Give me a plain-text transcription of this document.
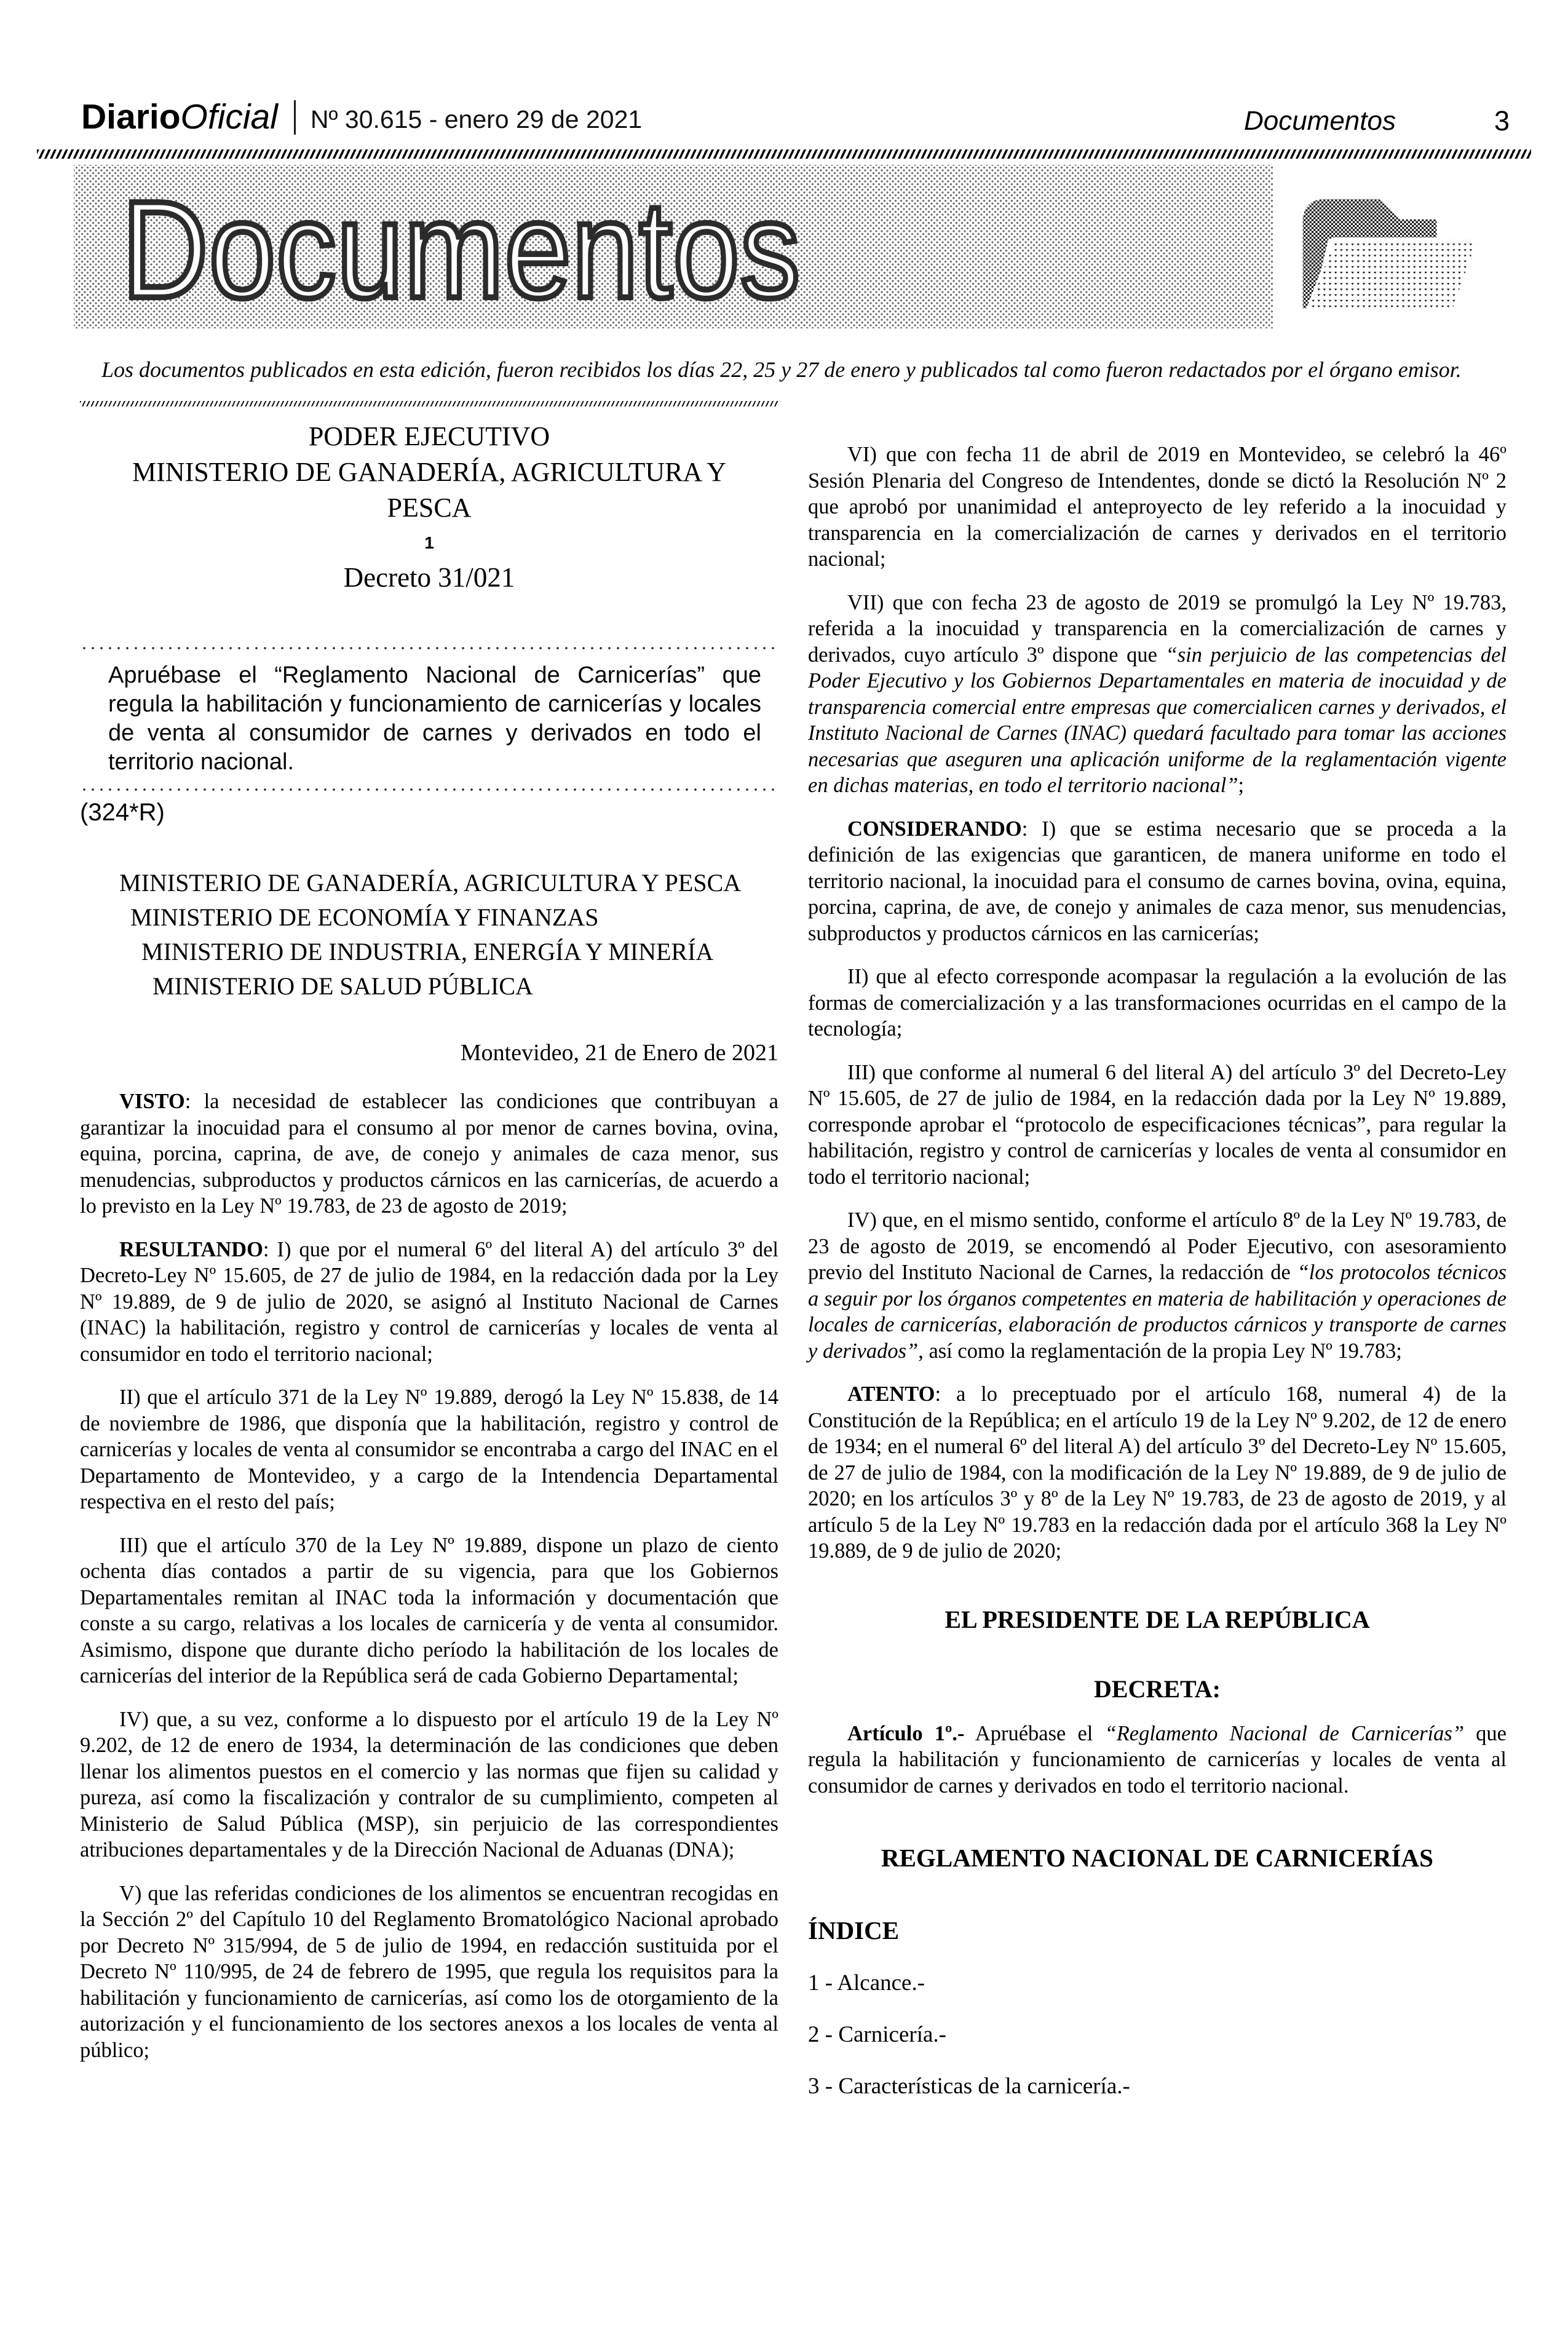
Diario Oficial Nº 30.615 - enero 29 de 2021	Documentos	3
Documentos
Los documentos publicados en esta edición, fueron recibidos los días 22, 25 y 27 de enero y publicados tal como fueron redactados por el órgano emisor.
PODER EJECUTIVO
MINISTERIO DE GANADERÍA, AGRICULTURA Y PESCA
1
Decreto 31/021

Apruébase el “Reglamento Nacional de Carnicerías” que regula la habilitación y funcionamiento de carnicerías y locales de venta al consumidor de carnes y derivados en todo el territorio nacional.

(324*R)
MINISTERIO DE GANADERÍA, AGRICULTURA Y PESCA
MINISTERIO DE ECONOMÍA Y FINANZAS
MINISTERIO DE INDUSTRIA, ENERGÍA Y MINERÍA
MINISTERIO DE SALUD PÚBLICA
Montevideo, 21 de Enero de 2021

VISTO: la necesidad de establecer las condiciones que contribuyan a garantizar la inocuidad para el consumo al por menor de carnes bovina, ovina, equina, porcina, caprina, de ave, de conejo y animales de caza menor, sus menudencias, subproductos y productos cárnicos en las carnicerías, de acuerdo a lo previsto en la Ley Nº 19.783, de 23 de agosto de 2019;

RESULTANDO: I) que por el numeral 6º del literal A) del artículo 3º del Decreto-Ley Nº 15.605, de 27 de julio de 1984, en la redacción dada por la Ley Nº 19.889, de 9 de julio de 2020, se asignó al Instituto Nacional de Carnes (INAC) la habilitación, registro y control de carnicerías y locales de venta al consumidor en todo el territorio nacional;

II) que el artículo 371 de la Ley Nº 19.889, derogó la Ley Nº 15.838, de 14 de noviembre de 1986, que disponía que la habilitación, registro y control de carnicerías y locales de venta al consumidor se encontraba a cargo del INAC en el Departamento de Montevideo, y a cargo de la Intendencia Departamental respectiva en el resto del país;

III) que el artículo 370 de la Ley Nº 19.889, dispone un plazo de ciento ochenta días contados a partir de su vigencia, para que los Gobiernos Departamentales remitan al INAC toda la información y documentación que conste a su cargo, relativas a los locales de carnicería y de venta al consumidor. Asimismo, dispone que durante dicho período la habilitación de los locales de carnicerías del interior de la República será de cada Gobierno Departamental;

IV) que, a su vez, conforme a lo dispuesto por el artículo 19 de la Ley Nº 9.202, de 12 de enero de 1934, la determinación de las condiciones que deben llenar los alimentos puestos en el comercio y las normas que fijen su calidad y pureza, así como la fiscalización y contralor de su cumplimiento, competen al Ministerio de Salud Pública (MSP), sin perjuicio de las correspondientes atribuciones departamentales y de la Dirección Nacional de Aduanas (DNA);

V) que las referidas condiciones de los alimentos se encuentran recogidas en la Sección 2º del Capítulo 10 del Reglamento Bromatológico Nacional aprobado por Decreto Nº 315/994, de 5 de julio de 1994, en redacción sustituida por el Decreto Nº 110/995, de 24 de febrero de 1995, que regula los requisitos para la habilitación y funcionamiento de carnicerías, así como los de otorgamiento de la autorización y el funcionamiento de los sectores anexos a los locales de venta al público;

VI) que con fecha 11 de abril de 2019 en Montevideo, se celebró la 46º Sesión Plenaria del Congreso de Intendentes, donde se dictó la Resolución Nº 2 que aprobó por unanimidad el anteproyecto de ley referido a la inocuidad y transparencia en la comercialización de carnes y derivados en el territorio nacional;

VII) que con fecha 23 de agosto de 2019 se promulgó la Ley Nº 19.783, referida a la inocuidad y transparencia en la comercialización de carnes y derivados, cuyo artículo 3º dispone que “sin perjuicio de las competencias del Poder Ejecutivo y los Gobiernos Departamentales en materia de inocuidad y de transparencia comercial entre empresas que comercialicen carnes y derivados, el Instituto Nacional de Carnes (INAC) quedará facultado para tomar las acciones necesarias que aseguren una aplicación uniforme de la reglamentación vigente en dichas materias, en todo el territorio nacional”;

CONSIDERANDO: I) que se estima necesario que se proceda a la definición de las exigencias que garanticen, de manera uniforme en todo el territorio nacional, la inocuidad para el consumo de carnes bovina, ovina, equina, porcina, caprina, de ave, de conejo y animales de caza menor, sus menudencias, subproductos y productos cárnicos en las carnicerías;

II) que al efecto corresponde acompasar la regulación a la evolución de las formas de comercialización y a las transformaciones ocurridas en el campo de la tecnología;

III) que conforme al numeral 6 del literal A) del artículo 3º del Decreto-Ley Nº 15.605, de 27 de julio de 1984, en la redacción dada por la Ley Nº 19.889, corresponde aprobar el “protocolo de especificaciones técnicas”, para regular la habilitación, registro y control de carnicerías y locales de venta al consumidor en todo el territorio nacional;

IV) que, en el mismo sentido, conforme el artículo 8º de la Ley Nº 19.783, de 23 de agosto de 2019, se encomendó al Poder Ejecutivo, con asesoramiento previo del Instituto Nacional de Carnes, la redacción de “los protocolos técnicos a seguir por los órganos competentes en materia de habilitación y operaciones de locales de carnicerías, elaboración de productos cárnicos y transporte de carnes y derivados”, así como la reglamentación de la propia Ley Nº 19.783;

ATENTO: a lo preceptuado por el artículo 168, numeral 4) de la Constitución de la República; en el artículo 19 de la Ley Nº 9.202, de 12 de enero de 1934; en el numeral 6º del literal A) del artículo 3º del Decreto-Ley Nº 15.605, de 27 de julio de 1984, con la modificación de la Ley Nº 19.889, de 9 de julio de 2020; en los artículos 3º y 8º de la Ley Nº 19.783, de 23 de agosto de 2019, y al artículo 5 de la Ley Nº 19.783 en la redacción dada por el artículo 368 la Ley Nº 19.889, de 9 de julio de 2020;

EL PRESIDENTE DE LA REPÚBLICA
DECRETA:

Artículo 1º.- Apruébase el “Reglamento Nacional de Carnicerías” que regula la habilitación y funcionamiento de carnicerías y locales de venta al consumidor de carnes y derivados en todo el territorio nacional.

REGLAMENTO NACIONAL DE CARNICERÍAS
ÍNDICE
1 - Alcance.-
2 - Carnicería.-
3 - Características de la carnicería.-
